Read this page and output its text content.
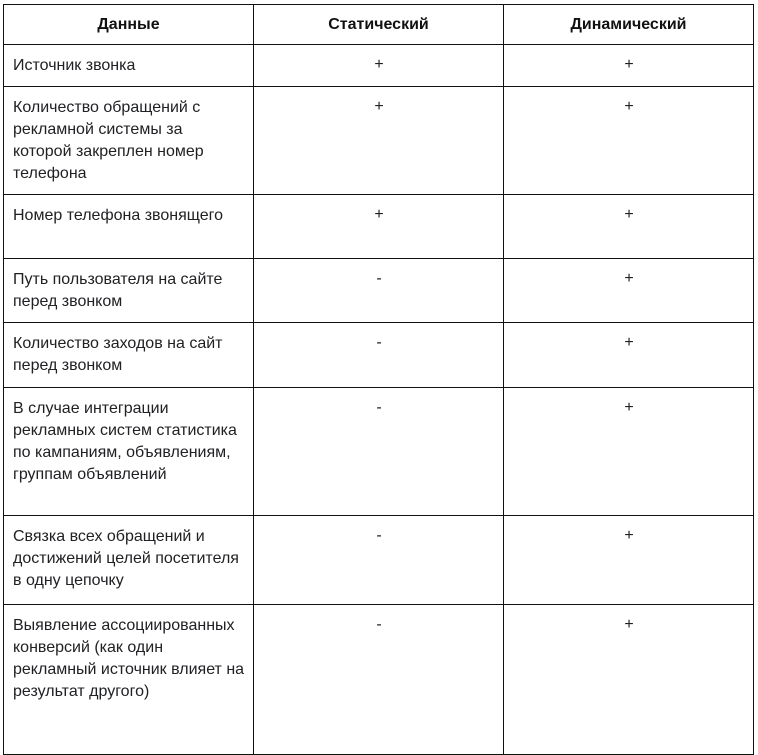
Данные	Статический	Динамический
Источник звонка	+	+
Количество обращений с рекламной системы за которой закреплен номер телефона	+	+
Номер телефона звонящего	+	+
Путь пользователя на сайте перед звонком	-	+
Количество заходов на сайт перед звонком	-	+
В случае интеграции рекламных систем статистика по кампаниям, объявлениям, группам объявлений	-	+
Связка всех обращений и достижений целей посетителя в одну цепочку	-	+
Выявление ассоциированных конверсий (как один рекламный источник влияет на результат другого)	-	+
